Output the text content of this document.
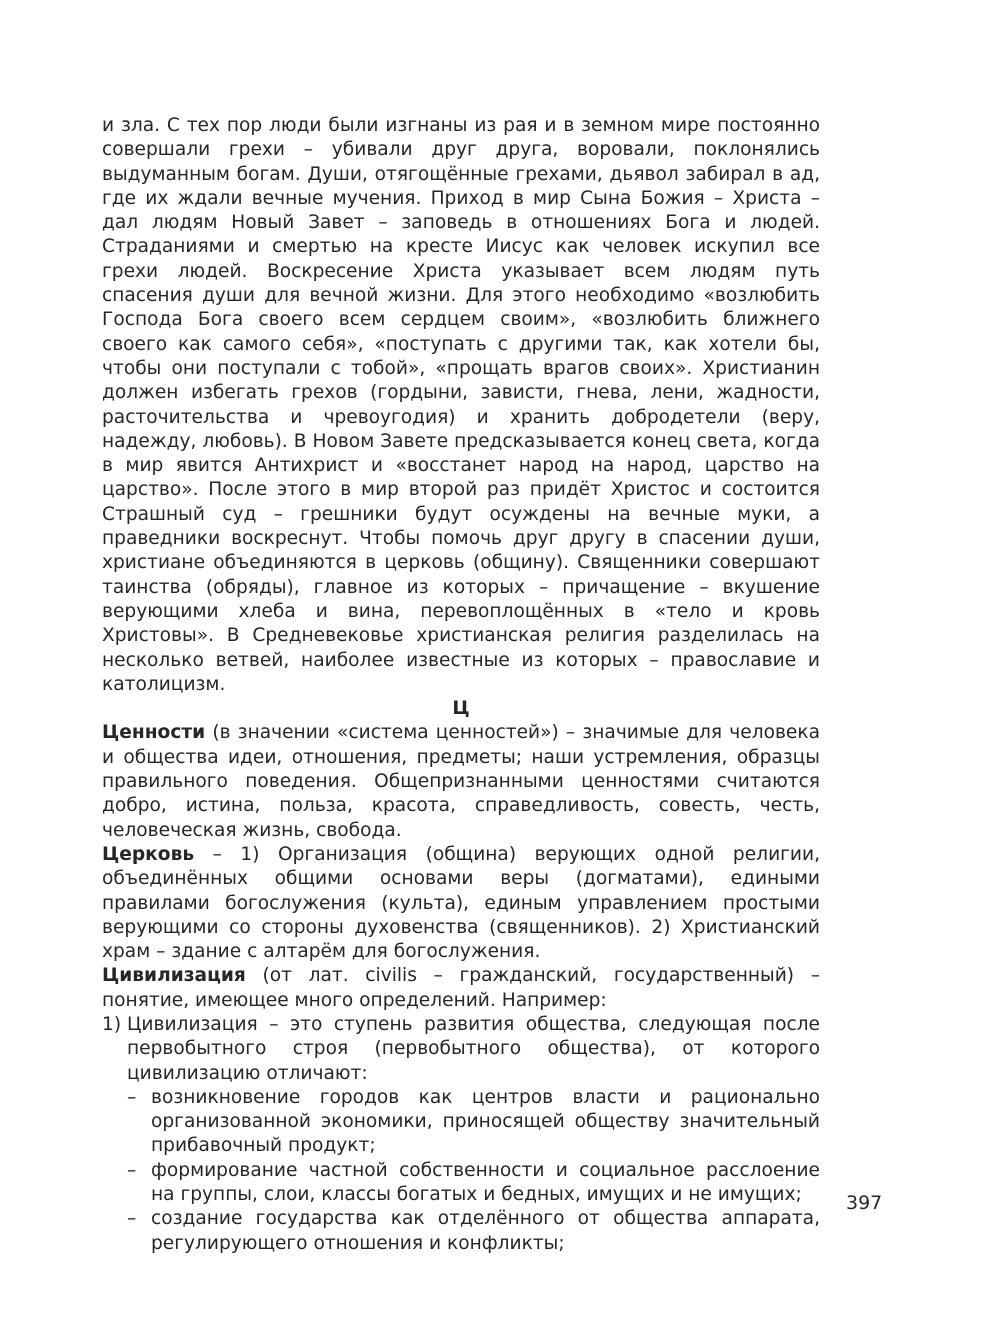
и зла. С тех пор люди были изгнаны из рая и в земном мире постоянно совершали грехи – убивали друг друга, воровали, поклонялись выдуманным богам. Души, отягощённые грехами, дьявол забирал в ад, где их ждали вечные мучения. Приход в мир Сына Божия – Христа – дал людям Новый Завет – заповедь в отношениях Бога и людей. Страданиями и смертью на кресте Иисус как человек искупил все грехи людей. Воскресение Христа указывает всем людям путь спасения души для вечной жизни. Для этого необходимо «возлюбить Господа Бога своего всем сердцем своим», «возлюбить ближнего своего как самого себя», «поступать с другими так, как хотели бы, чтобы они поступали с тобой», «прощать врагов своих». Христианин должен избегать грехов (гордыни, зависти, гнева, лени, жадности, расточительства и чревоугодия) и хранить добродетели (веру, надежду, любовь). В Новом Завете предсказывается конец света, когда в мир явится Антихрист и «восстанет народ на народ, царство на царство». После этого в мир второй раз придёт Христос и состоится Страшный суд – грешники будут осуждены на вечные муки, а праведники воскреснут. Чтобы помочь друг другу в спасении души, христиане объединяются в церковь (общину). Священники совершают таинства (обряды), главное из которых – причащение – вкушение верующими хлеба и вина, перевоплощённых в «тело и кровь Христовы». В Средневековье христианская религия разделилась на несколько ветвей, наиболее известные из которых – православие и католицизм.

Ц

Ценности (в значении «система ценностей») – значимые для человека и общества идеи, отношения, предметы; наши устремления, образцы правильного поведения. Общепризнанными ценностями считаются добро, истина, польза, красота, справедливость, совесть, честь, человеческая жизнь, свобода.

Церковь – 1) Организация (община) верующих одной религии, объединённых общими основами веры (догматами), едиными правилами богослужения (культа), единым управлением простыми верующими со стороны духовенства (священников). 2) Христианский храм – здание с алтарём для богослужения.

Цивилизация (от лат. civilis – гражданский, государственный) – понятие, имеющее много определений. Например:

1) Цивилизация – это ступень развития общества, следующая после первобытного строя (первобытного общества), от которого цивилизацию отличают:
– возникновение городов как центров власти и рационально организованной экономики, приносящей обществу значительный прибавочный продукт;
– формирование частной собственности и социальное расслоение на группы, слои, классы богатых и бедных, имущих и не имущих;
– создание государства как отделённого от общества аппарата, регулирующего отношения и конфликты;
397
